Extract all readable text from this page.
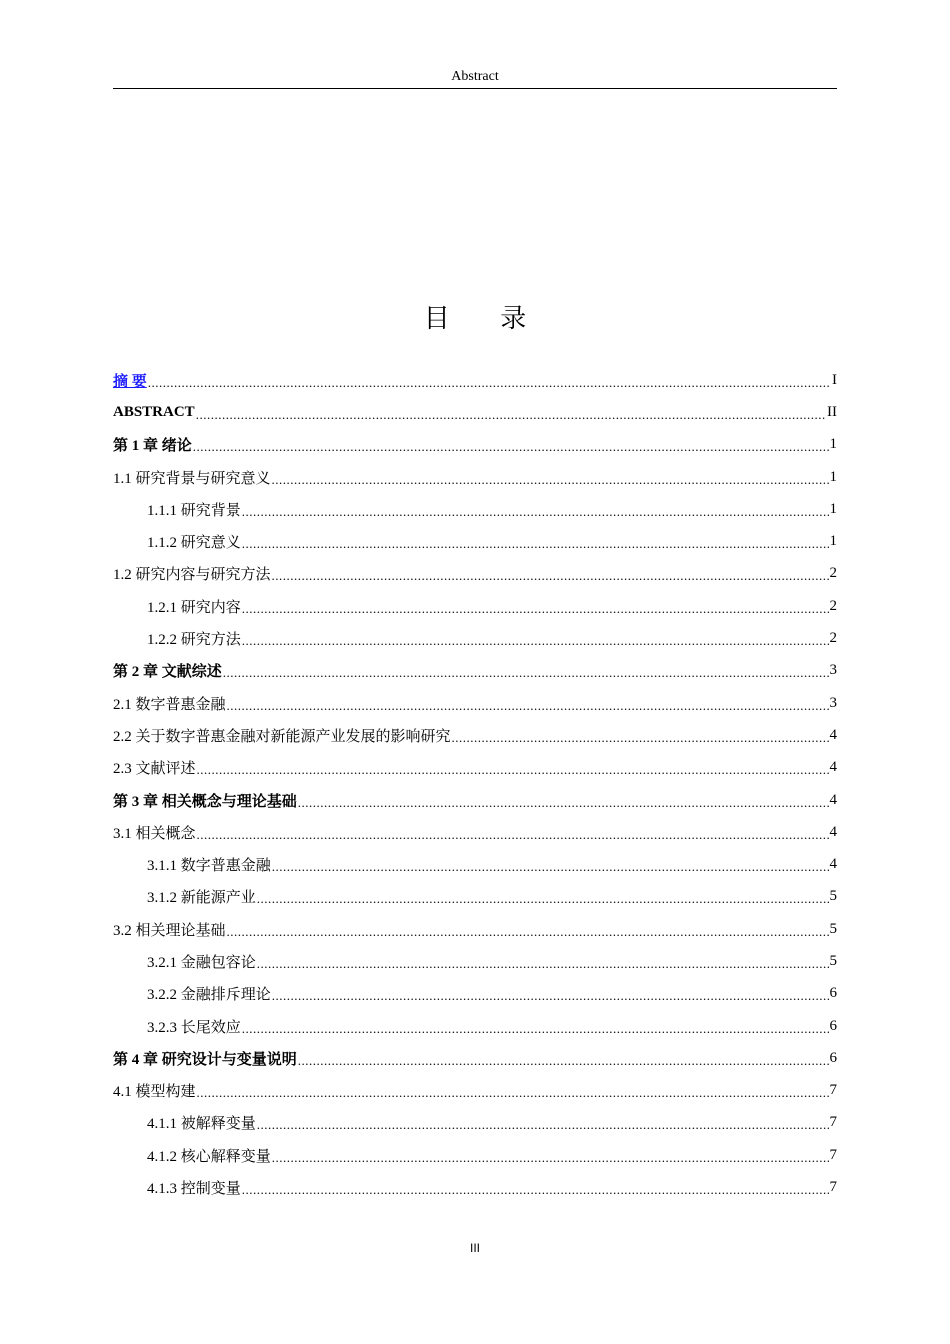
Abstract
目 录
摘 要 .....	I
ABSTRACT .....	II
第 1 章 绪论 .....	1
1.1 研究背景与研究意义 .....	1
1.1.1 研究背景 .....	1
1.1.2 研究意义 .....	1
1.2 研究内容与研究方法 .....	2
1.2.1 研究内容 .....	2
1.2.2 研究方法 .....	2
第 2 章 文献综述 .....	3
2.1 数字普惠金融 .....	3
2.2 关于数字普惠金融对新能源产业发展的影响研究 .....	4
2.3 文献评述 .....	4
第 3 章 相关概念与理论基础 .....	4
3.1 相关概念 .....	4
3.1.1 数字普惠金融 .....	4
3.1.2 新能源产业 .....	5
3.2 相关理论基础 .....	5
3.2.1 金融包容论 .....	5
3.2.2 金融排斥理论 .....	6
3.2.3 长尾效应 .....	6
第 4 章 研究设计与变量说明 .....	6
4.1 模型构建 .....	7
4.1.1 被解释变量 .....	7
4.1.2 核心解释变量 .....	7
4.1.3 控制变量 .....	7
III
